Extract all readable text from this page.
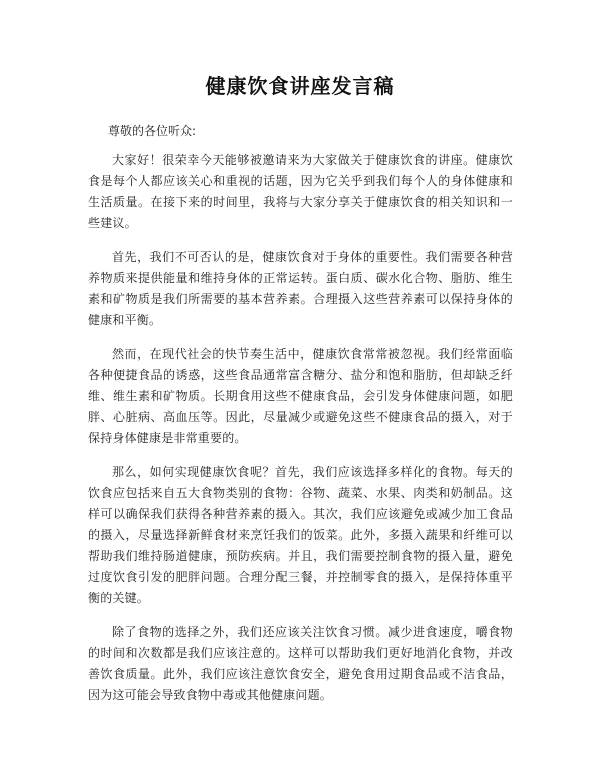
健康饮食讲座发言稿
尊敬的各位听众:

大家好！很荣幸今天能够被邀请来为大家做关于健康饮食的讲座。健康饮食是每个人都应该关心和重视的话题，因为它关乎到我们每个人的身体健康和生活质量。在接下来的时间里，我将与大家分享关于健康饮食的相关知识和一些建议。

首先，我们不可否认的是，健康饮食对于身体的重要性。我们需要各种营养物质来提供能量和维持身体的正常运转。蛋白质、碳水化合物、脂肪、维生素和矿物质是我们所需要的基本营养素。合理摄入这些营养素可以保持身体的健康和平衡。

然而，在现代社会的快节奏生活中，健康饮食常常被忽视。我们经常面临各种便捷食品的诱惑，这些食品通常富含糖分、盐分和饱和脂肪，但却缺乏纤维、维生素和矿物质。长期食用这些不健康食品，会引发身体健康问题，如肥胖、心脏病、高血压等。因此，尽量减少或避免这些不健康食品的摄入，对于保持身体健康是非常重要的。

那么，如何实现健康饮食呢？首先，我们应该选择多样化的食物。每天的饮食应包括来自五大食物类别的食物：谷物、蔬菜、水果、肉类和奶制品。这样可以确保我们获得各种营养素的摄入。其次，我们应该避免或减少加工食品的摄入，尽量选择新鲜食材来烹饪我们的饭菜。此外，多摄入蔬果和纤维可以帮助我们维持肠道健康，预防疾病。并且，我们需要控制食物的摄入量，避免过度饮食引发的肥胖问题。合理分配三餐，并控制零食的摄入，是保持体重平衡的关键。

除了食物的选择之外，我们还应该关注饮食习惯。减少进食速度，嚼食物的时间和次数都是我们应该注意的。这样可以帮助我们更好地消化食物，并改善饮食质量。此外，我们应该注意饮食安全，避免食用过期食品或不洁食品，因为这可能会导致食物中毒或其他健康问题。
